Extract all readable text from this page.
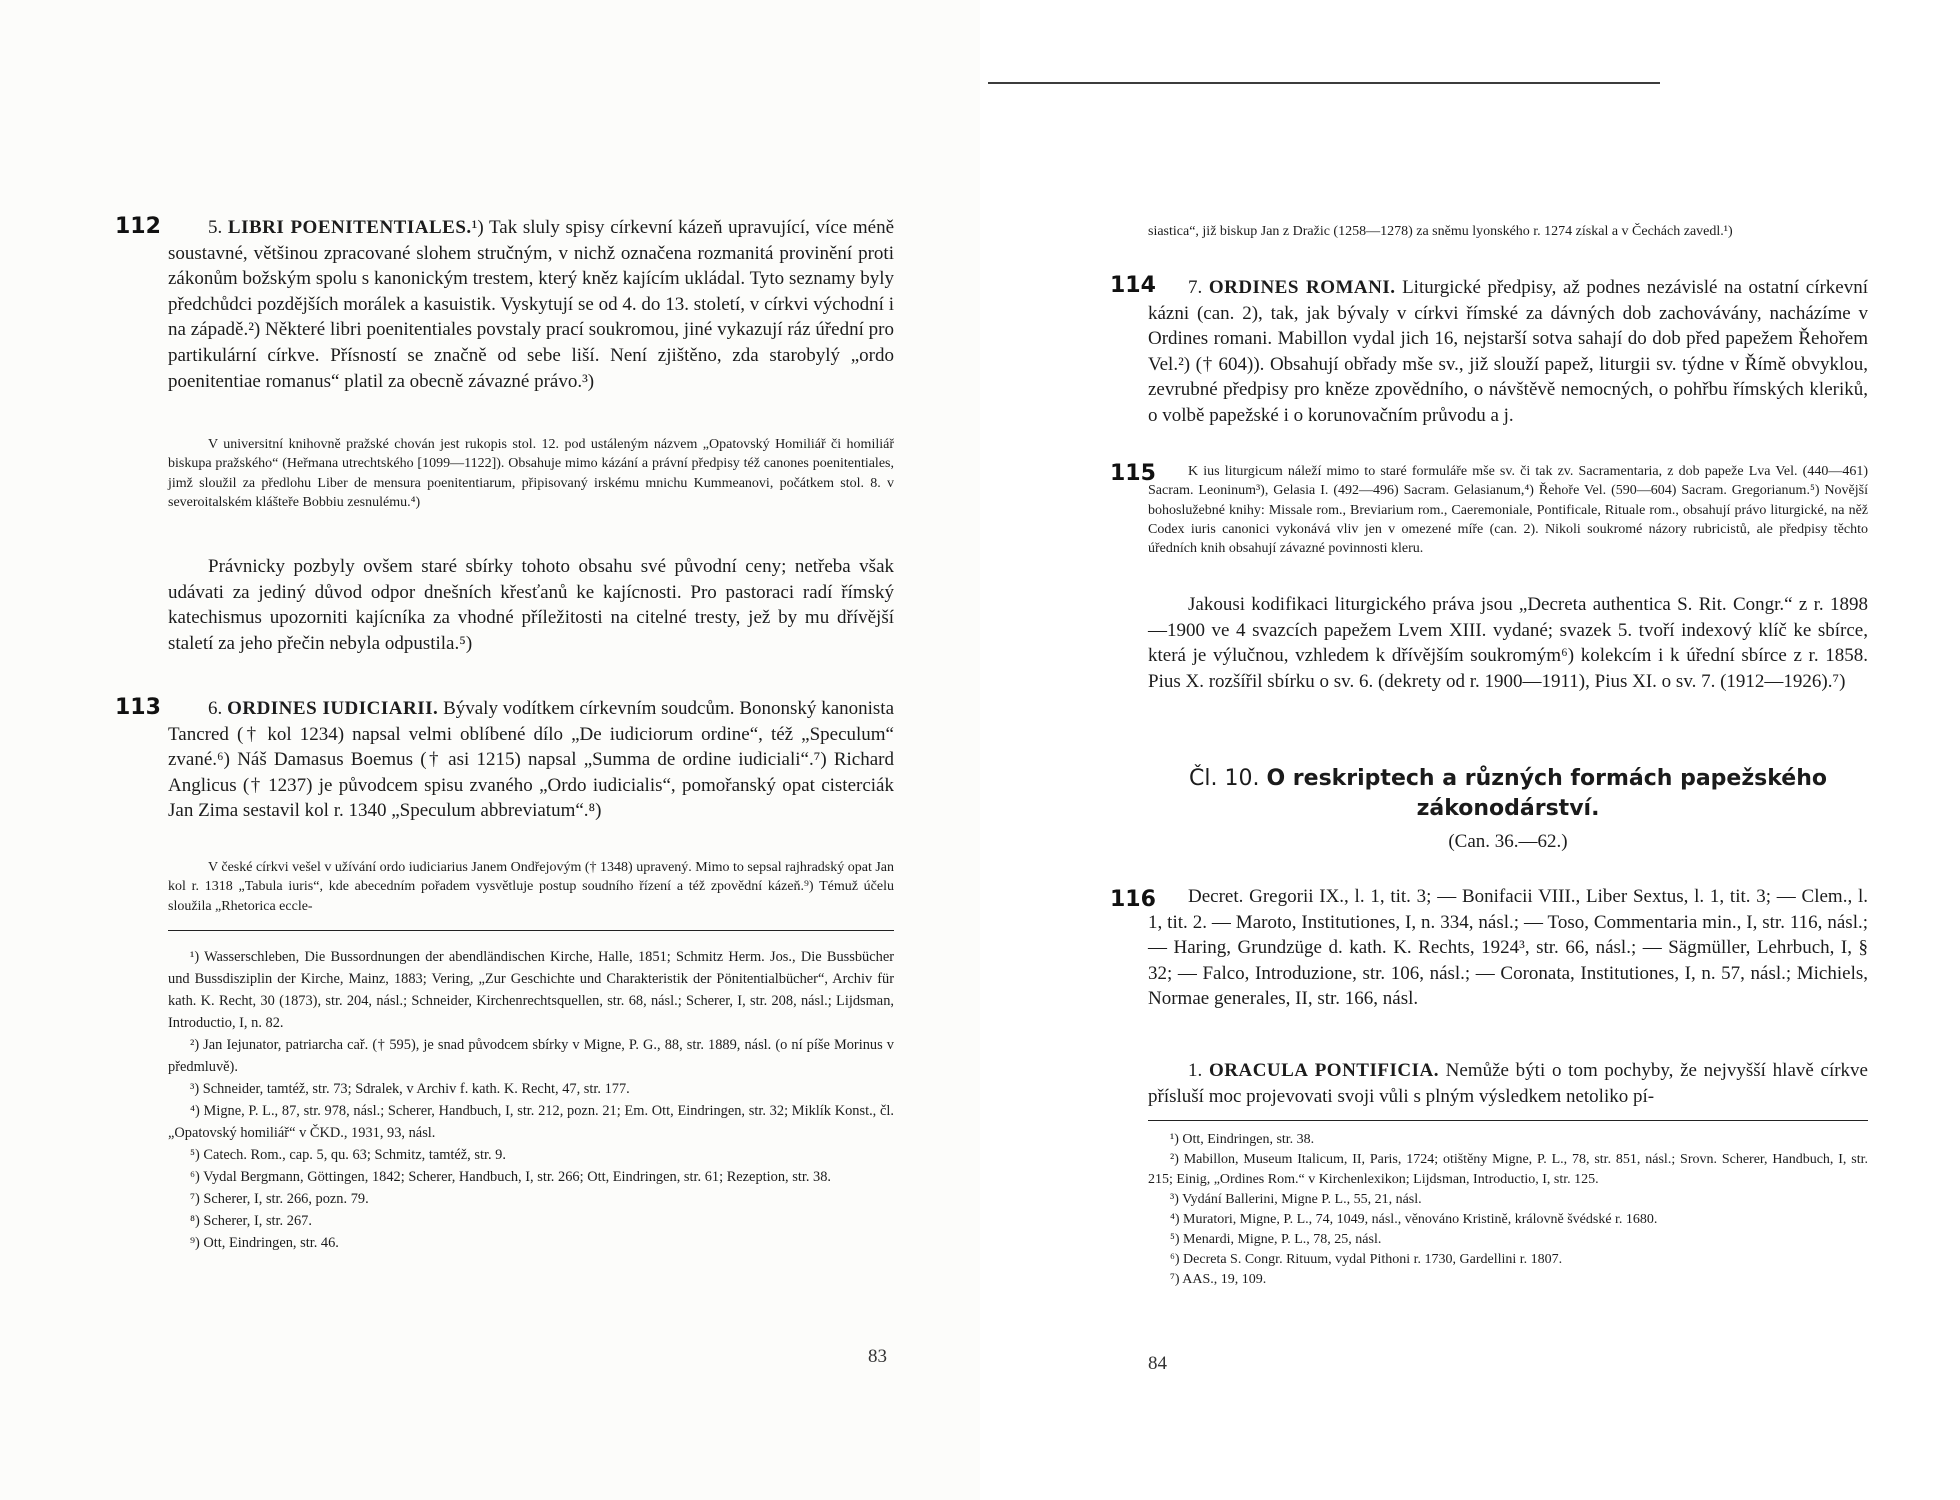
112	5. LIBRI POENITENTIALES.¹) Tak sluly spisy církevní kázeň upravující, více méně soustavné, většinou zpracované slohem stručným, v nichž označena rozmanitá provinění proti zákonům božským spolu s kanonickým trestem, který kněz kajícím ukládal. Tyto seznamy byly předchůdci pozdějších morálek a kasuistik. Vyskytují se od 4. do 13. století, v církvi východní i na západě.²) Některé libri poenitentiales povstaly prací soukromou, jiné vykazují ráz úřední pro partikulární církve. Přísností se značně od sebe liší. Není zjištěno, zda starobylý „ordo poenitentiae romanus“ platil za obecně závazné právo.³)

V universitní knihovně pražské chován jest rukopis stol. 12. pod ustáleným názvem „Opatovský Homiliář či homiliář biskupa pražského“ (Heřmana utrechtského [1099—1122]). Obsahuje mimo kázání a právní předpisy též canones poenitentiales, jimž sloužil za předlohu Liber de mensura poenitentiarum, připisovaný irskému mnichu Kummeanovi, počátkem stol. 8. v severoitalském klášteře Bobbiu zesnulému.⁴)

Právnicky pozbyly ovšem staré sbírky tohoto obsahu své původní ceny; netřeba však udávati za jediný důvod odpor dnešních křesťanů ke kajícnosti. Pro pastoraci radí římský katechismus upozorniti kajícníka za vhodné příležitosti na citelné tresty, jež by mu dřívější staletí za jeho přečin nebyla odpustila.⁵)

113	6. ORDINES IUDICIARII. Bývaly vodítkem církevním soudcům. Bononský kanonista Tancred († kol 1234) napsal velmi oblíbené dílo „De iudiciorum ordine“, též „Speculum“ zvané.⁶) Náš Damasus Boemus († asi 1215) napsal „Summa de ordine iudiciali“.⁷) Richard Anglicus († 1237) je původcem spisu zvaného „Ordo iudicialis“, pomořanský opat cisterciák Jan Zima sestavil kol r. 1340 „Speculum abbreviatum“.⁸)

V české církvi vešel v užívání ordo iudiciarius Janem Ondřejovým († 1348) upravený. Mimo to sepsal rajhradský opat Jan kol r. 1318 „Tabula iuris“, kde abecedním pořadem vysvětluje postup soudního řízení a též zpovědní kázeň.⁹) Témuž účelu sloužila „Rhetorica eccle-

¹) Wasserschleben, Die Bussordnungen der abendländischen Kirche, Halle, 1851; Schmitz Herm. Jos., Die Bussbücher und Bussdisziplin der Kirche, Mainz, 1883; Vering, „Zur Geschichte und Charakteristik der Pönitentialbücher“, Archiv für kath. K. Recht, 30 (1873), str. 204, násl.; Schneider, Kirchenrechtsquellen, str. 68, násl.; Scherer, I, str. 208, násl.; Lijdsman, Introductio, I, n. 82.

²) Jan Iejunator, patriarcha cař. († 595), je snad původcem sbírky v Migne, P. G., 88, str. 1889, násl. (o ní píše Morinus v předmluvě).

³) Schneider, tamtéž, str. 73; Sdralek, v Archiv f. kath. K. Recht, 47, str. 177.

⁴) Migne, P. L., 87, str. 978, násl.; Scherer, Handbuch, I, str. 212, pozn. 21; Em. Ott, Eindringen, str. 32; Miklík Konst., čl. „Opatovský homiliář“ v ČKD., 1931, 93, násl.

⁵) Catech. Rom., cap. 5, qu. 63; Schmitz, tamtéž, str. 9.

⁶) Vydal Bergmann, Göttingen, 1842; Scherer, Handbuch, I, str. 266; Ott, Eindringen, str. 61; Rezeption, str. 38.

⁷) Scherer, I, str. 266, pozn. 79.

⁸) Scherer, I, str. 267.

⁹) Ott, Eindringen, str. 46.

83

siastica“, již biskup Jan z Dražic (1258—1278) za sněmu lyonského r. 1274 získal a v Čechách zavedl.¹)

114	7. ORDINES ROMANI. Liturgické předpisy, až podnes nezávislé na ostatní církevní kázni (can. 2), tak, jak bývaly v církvi římské za dávných dob zachovávány, nacházíme v Ordines romani. Mabillon vydal jich 16, nejstarší sotva sahají do dob před papežem Řehořem Vel.²) († 604)). Obsahují obřady mše sv., již slouží papež, liturgii sv. týdne v Římě obvyklou, zevrubné předpisy pro kněze zpovědního, o návštěvě nemocných, o pohřbu římských kleriků, o volbě papežské i o korunovačním průvodu a j.

115	K ius liturgicum náleží mimo to staré formuláře mše sv. či tak zv. Sacramentaria, z dob papeže Lva Vel. (440—461) Sacram. Leoninum³), Gelasia I. (492—496) Sacram. Gelasianum,⁴) Řehoře Vel. (590—604) Sacram. Gregorianum.⁵) Novější bohoslužebné knihy: Missale rom., Breviarium rom., Caeremoniale, Pontificale, Rituale rom., obsahují právo liturgické, na něž Codex iuris canonici vykonává vliv jen v omezené míře (can. 2). Nikoli soukromé názory rubricistů, ale předpisy těchto úředních knih obsahují závazné povinnosti kleru.

Jakousi kodifikaci liturgického práva jsou „Decreta authentica S. Rit. Congr.“ z r. 1898—1900 ve 4 svazcích papežem Lvem XIII. vydané; svazek 5. tvoří indexový klíč ke sbírce, která je výlučnou, vzhledem k dřívějším soukromým⁶) kolekcím i k úřední sbírce z r. 1858. Pius X. rozšířil sbírku o sv. 6. (dekrety od r. 1900—1911), Pius XI. o sv. 7. (1912—1926).⁷)

Čl. 10. O reskriptech a různých formách papežského
zákonodárství.
(Can. 36.—62.)
116	Decret. Gregorii IX., l. 1, tit. 3; — Bonifacii VIII., Liber Sextus, l. 1, tit. 3; — Clem., l. 1, tit. 2. — Maroto, Institutiones, I, n. 334, násl.; — Toso, Commentaria min., I, str. 116, násl.; — Haring, Grundzüge d. kath. K. Rechts, 1924³, str. 66, násl.; — Sägmüller, Lehrbuch, I, § 32; — Falco, Introduzione, str. 106, násl.; — Coronata, Institutiones, I, n. 57, násl.; Michiels, Normae generales, II, str. 166, násl.

1. ORACULA PONTIFICIA. Nemůže býti o tom pochyby, že nejvyšší hlavě církve přísluší moc projevovati svoji vůli s plným výsledkem netoliko pí-

¹) Ott, Eindringen, str. 38.

²) Mabillon, Museum Italicum, II, Paris, 1724; otištěny Migne, P. L., 78, str. 851, násl.; Srovn. Scherer, Handbuch, I, str. 215; Einig, „Ordines Rom.“ v Kirchenlexikon; Lijdsman, Introductio, I, str. 125.

³) Vydání Ballerini, Migne P. L., 55, 21, násl.

⁴) Muratori, Migne, P. L., 74, 1049, násl., věnováno Kristině, královně švédské r. 1680.

⁵) Menardi, Migne, P. L., 78, 25, násl.

⁶) Decreta S. Congr. Rituum, vydal Pithoni r. 1730, Gardellini r. 1807.

⁷) AAS., 19, 109.

84
